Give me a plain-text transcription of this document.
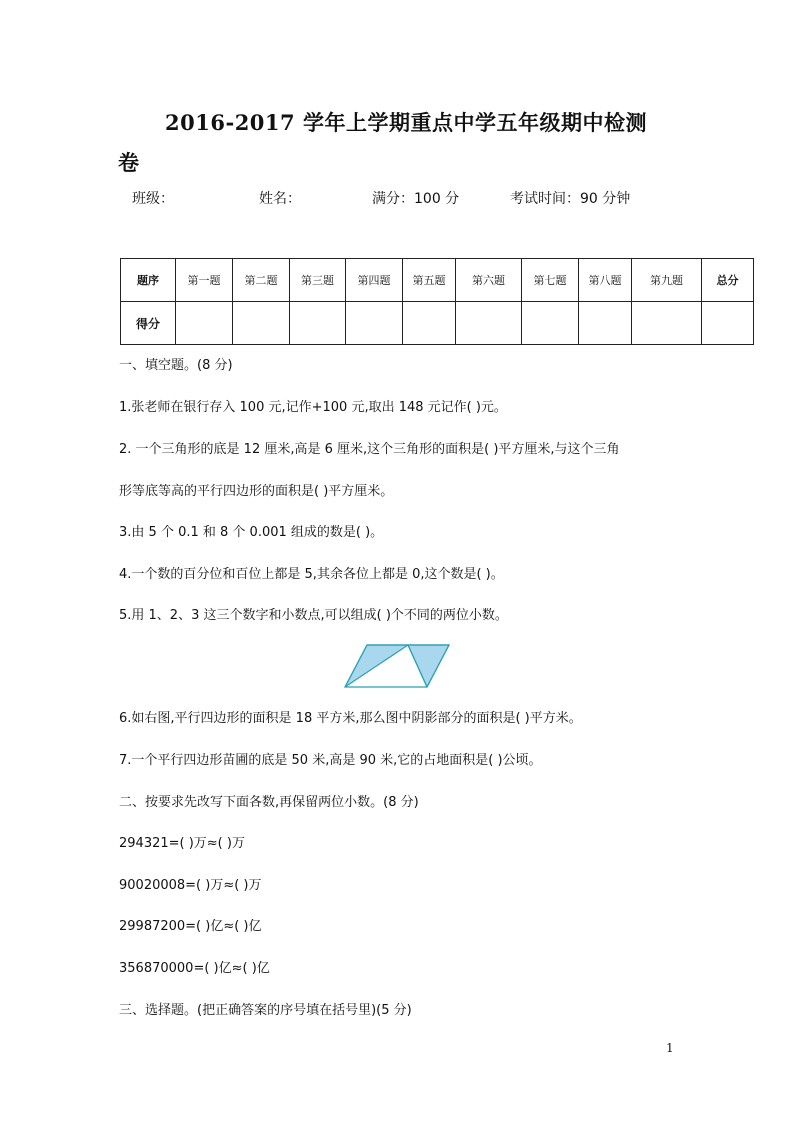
2016-2017 学年上学期重点中学五年级期中检测
卷
班级：	姓名：	满分：100 分	考试时间：90 分钟
题序	第一题	第二题	第三题	第四题	第五题	第六题	第七题	第八题	第九题	总分
得分										
一、填空题。(8 分)
1.张老师在银行存入 100 元,记作+100 元,取出 148 元记作( )元。
2. 一个三角形的底是 12 厘米,高是 6 厘米,这个三角形的面积是( )平方厘米,与这个三角
形等底等高的平行四边形的面积是( )平方厘米。
3.由 5 个 0.1 和 8 个 0.001 组成的数是( )。
4.一个数的百分位和百位上都是 5,其余各位上都是 0,这个数是( )。
5.用 1、2、3 这三个数字和小数点,可以组成( )个不同的两位小数。
6.如右图,平行四边形的面积是 18 平方米,那么图中阴影部分的面积是( )平方米。
7.一个平行四边形苗圃的底是 50 米,高是 90 米,它的占地面积是( )公顷。
二、按要求先改写下面各数,再保留两位小数。(8 分)
294321=( )万≈( )万
90020008=( )万≈( )万
29987200=( )亿≈( )亿
356870000=( )亿≈( )亿
三、选择题。(把正确答案的序号填在括号里)(5 分)
1
